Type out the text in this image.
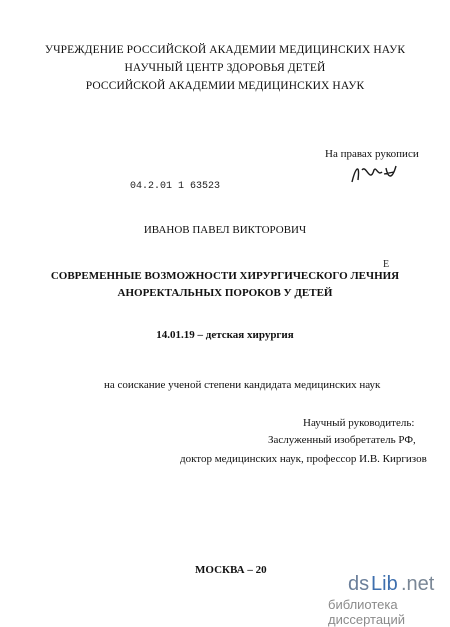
УЧРЕЖДЕНИЕ РОССИЙСКОЙ АКАДЕМИИ МЕДИЦИНСКИХ НАУК
НАУЧНЫЙ ЦЕНТР ЗДОРОВЬЯ ДЕТЕЙ
РОССИЙСКОЙ АКАДЕМИИ МЕДИЦИНСКИХ НАУК
На правах рукописи
04.2.01 1 63523
ИВАНОВ ПАВЕЛ ВИКТОРОВИЧ
Е
СОВРЕМЕННЫЕ ВОЗМОЖНОСТИ ХИРУРГИЧЕСКОГО ЛЕЧНИЯ
АНОРЕКТАЛЬНЫХ ПОРОКОВ У ДЕТЕЙ
14.01.19 – детская хирургия
на соискание ученой степени кандидата медицинских наук
Научный руководитель:
Заслуженный изобретатель РФ,
доктор медицинских наук, профессор И.В. Киргизов
МОСКВА – 20
ds Lib .net
библиотека диссертаций
